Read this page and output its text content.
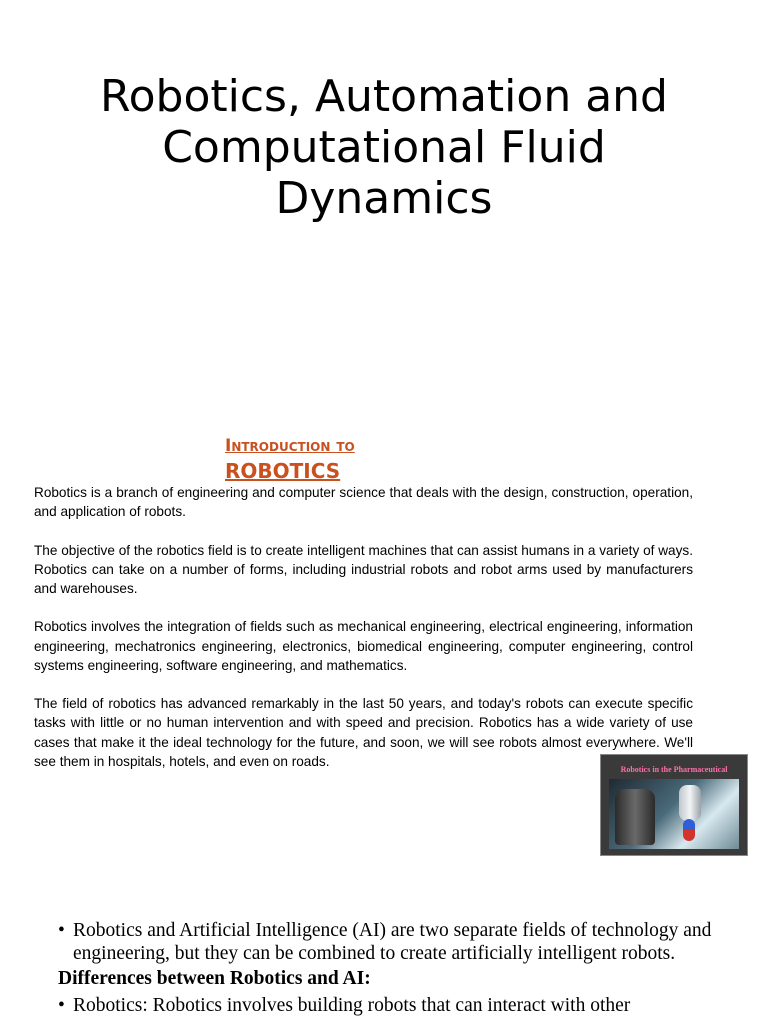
Robotics, Automation and Computational Fluid Dynamics
Introduction to
ROBOTICS

Robotics is a branch of engineering and computer science that deals with the design, construction, operation, and application of robots.

The objective of the robotics field is to create intelligent machines that can assist humans in a variety of ways. Robotics can take on a number of forms, including industrial robots and robot arms used by manufacturers and warehouses.

Robotics involves the integration of fields such as mechanical engineering, electrical engineering, information engineering, mechatronics engineering, electronics, biomedical engineering, computer engineering, control systems engineering, software engineering, and mathematics.

The field of robotics has advanced remarkably in the last 50 years, and today's robots can execute specific tasks with little or no human intervention and with speed and precision. Robotics has a wide variety of use cases that make it the ideal technology for the future, and soon, we will see robots almost everywhere. We'll see them in hospitals, hotels, and even on roads.

Robotics in the Pharmaceutical
• Robotics and Artificial Intelligence (AI) are two separate fields of technology and engineering, but they can be combined to create artificially intelligent robots.
Differences between Robotics and AI:
• Robotics: Robotics involves building robots that can interact with other
